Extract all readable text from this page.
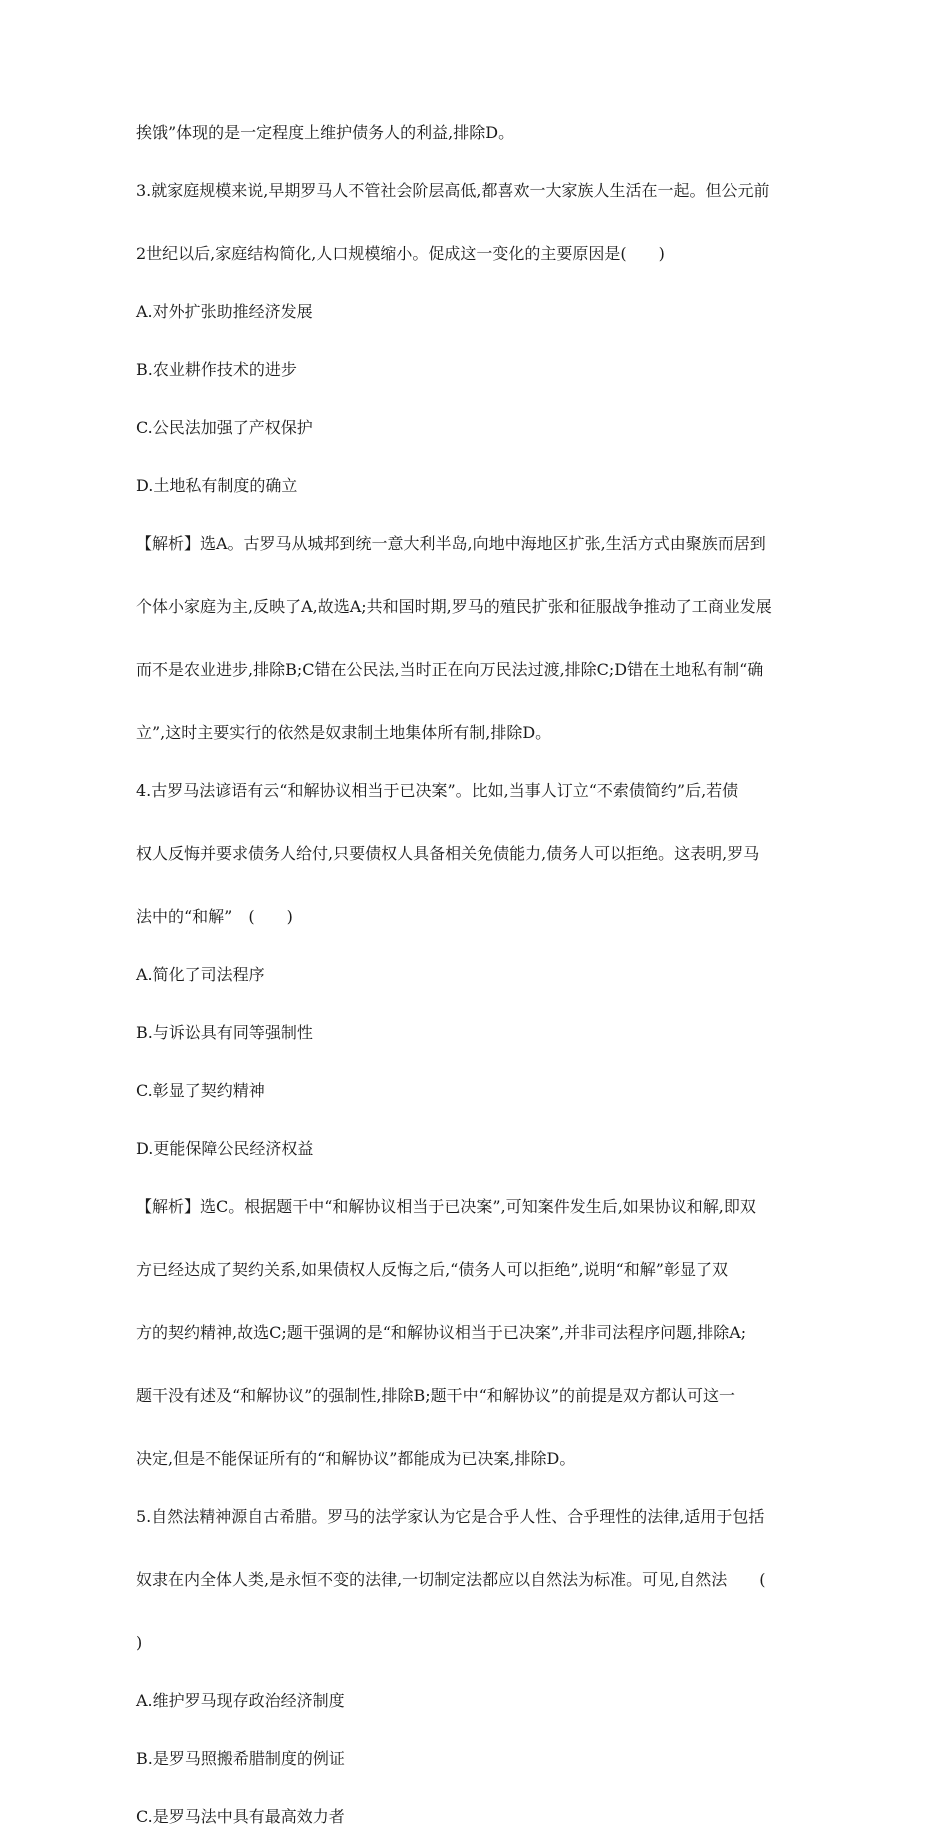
挨饿”体现的是一定程度上维护债务人的利益,排除D。

3.就家庭规模来说,早期罗马人不管社会阶层高低,都喜欢一大家族人生活在一起。但公元前

2世纪以后,家庭结构简化,人口规模缩小。促成这一变化的主要原因是(　　)

A.对外扩张助推经济发展

B.农业耕作技术的进步

C.公民法加强了产权保护

D.土地私有制度的确立

【解析】选A。古罗马从城邦到统一意大利半岛,向地中海地区扩张,生活方式由聚族而居到

个体小家庭为主,反映了A,故选A;共和国时期,罗马的殖民扩张和征服战争推动了工商业发展

而不是农业进步,排除B;C错在公民法,当时正在向万民法过渡,排除C;D错在土地私有制“确

立”,这时主要实行的依然是奴隶制土地集体所有制,排除D。

4.古罗马法谚语有云“和解协议相当于已决案”。比如,当事人订立“不索债简约”后,若债

权人反悔并要求债务人给付,只要债权人具备相关免债能力,债务人可以拒绝。这表明,罗马

法中的“和解”　(　　)

A.简化了司法程序

B.与诉讼具有同等强制性

C.彰显了契约精神

D.更能保障公民经济权益

【解析】选C。根据题干中“和解协议相当于已决案”,可知案件发生后,如果协议和解,即双

方已经达成了契约关系,如果债权人反悔之后,“债务人可以拒绝”,说明“和解”彰显了双

方的契约精神,故选C;题干强调的是“和解协议相当于已决案”,并非司法程序问题,排除A;

题干没有述及“和解协议”的强制性,排除B;题干中“和解协议”的前提是双方都认可这一

决定,但是不能保证所有的“和解协议”都能成为已决案,排除D。

5.自然法精神源自古希腊。罗马的法学家认为它是合乎人性、合乎理性的法律,适用于包括

奴隶在内全体人类,是永恒不变的法律,一切制定法都应以自然法为标准。可见,自然法　　(

)

A.维护罗马现存政治经济制度

B.是罗马照搬希腊制度的例证

C.是罗马法中具有最高效力者
